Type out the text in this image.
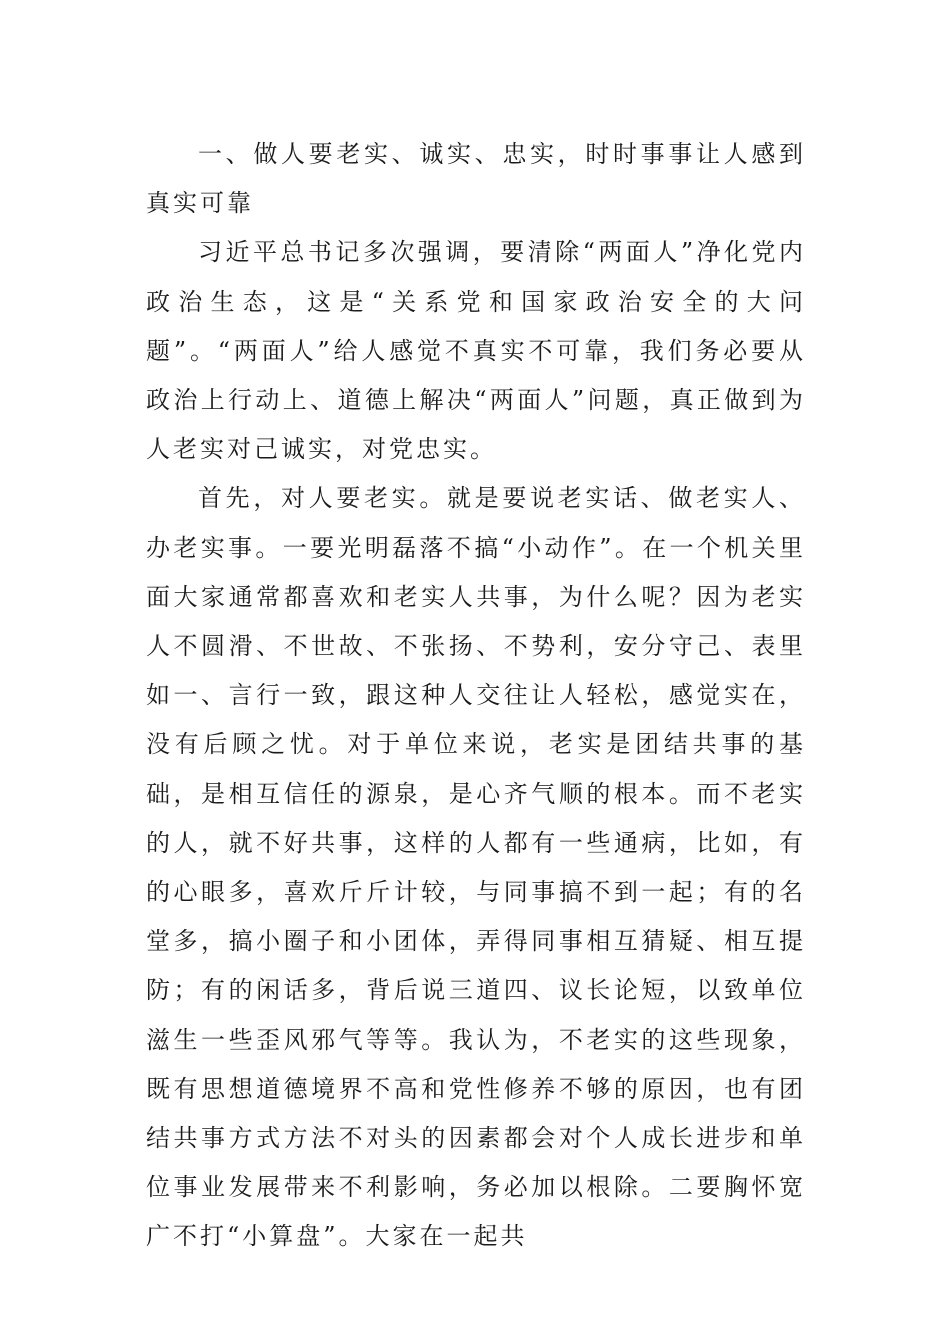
一、做人要老实、诚实、忠实，时时事事让人感到真实可靠

习近平总书记多次强调，要清除“两面人”净化党内政治生态，这是“关系党和国家政治安全的大问题”。“两面人”给人感觉不真实不可靠，我们务必要从政治上行动上、道德上解决“两面人”问题，真正做到为人老实对己诚实，对党忠实。

首先，对人要老实。就是要说老实话、做老实人、办老实事。一要光明磊落不搞“小动作”。在一个机关里面大家通常都喜欢和老实人共事，为什么呢？因为老实人不圆滑、不世故、不张扬、不势利，安分守己、表里如一、言行一致，跟这种人交往让人轻松，感觉实在，没有后顾之忧。对于单位来说，老实是团结共事的基础，是相互信任的源泉，是心齐气顺的根本。而不老实的人，就不好共事，这样的人都有一些通病，比如，有的心眼多，喜欢斤斤计较，与同事搞不到一起；有的名堂多，搞小圈子和小团体，弄得同事相互猜疑、相互提防；有的闲话多，背后说三道四、议长论短，以致单位滋生一些歪风邪气等等。我认为，不老实的这些现象，既有思想道德境界不高和党性修养不够的原因，也有团结共事方式方法不对头的因素都会对个人成长进步和单位事业发展带来不利影响，务必加以根除。二要胸怀宽广不打“小算盘”。大家在一起共
